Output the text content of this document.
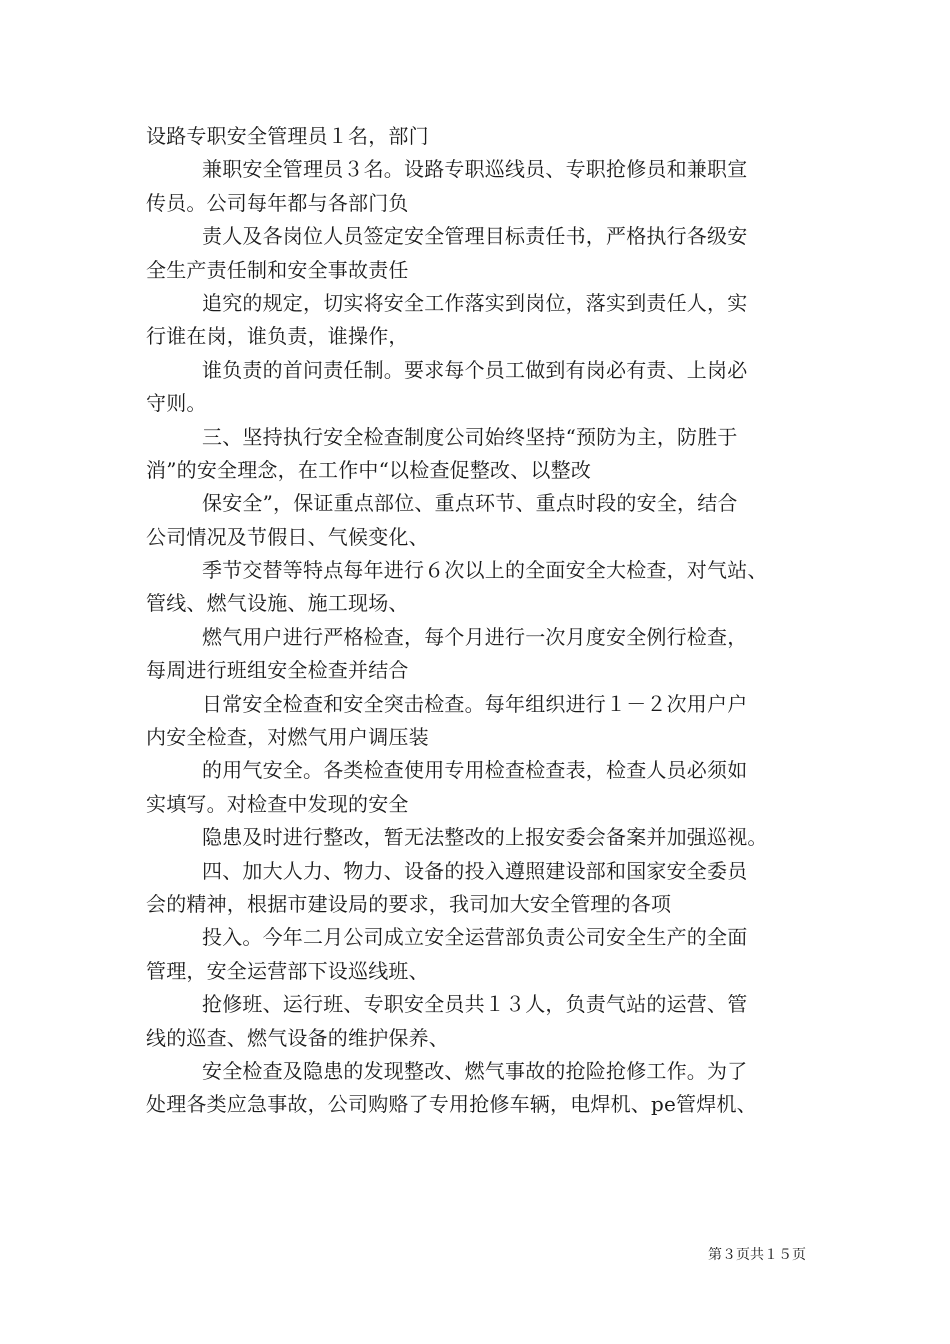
设路专职安全管理员１名，部门
兼职安全管理员３名。设路专职巡线员、专职抢修员和兼职宣
传员。公司每年都与各部门负
责人及各岗位人员签定安全管理目标责任书，严格执行各级安
全生产责任制和安全事故责任
追究的规定，切实将安全工作落实到岗位，落实到责任人，实
行谁在岗，谁负责，谁操作，
谁负责的首问责任制。要求每个员工做到有岗必有责、上岗必
守则。
三、坚持执行安全检查制度公司始终坚持“预防为主，防胜于
消”的安全理念，在工作中“以检查促整改、以整改
保安全”，保证重点部位、重点环节、重点时段的安全，结合
公司情况及节假日、气候变化、
季节交替等特点每年进行６次以上的全面安全大检查，对气站、
管线、燃气设施、施工现场、
燃气用户进行严格检查，每个月进行一次月度安全例行检查，
每周进行班组安全检查并结合
日常安全检查和安全突击检查。每年组织进行１－２次用户户
内安全检查，对燃气用户调压装
的用气安全。各类检查使用专用检查检查表，检查人员必须如
实填写。对检查中发现的安全
隐患及时进行整改，暂无法整改的上报安委会备案并加强巡视。
四、加大人力、物力、设备的投入遵照建设部和国家安全委员
会的精神，根据市建设局的要求，我司加大安全管理的各项
投入。今年二月公司成立安全运营部负责公司安全生产的全面
管理，安全运营部下设巡线班、
抢修班、运行班、专职安全员共１３人，负责气站的运营、管
线的巡查、燃气设备的维护保养、
安全检查及隐患的发现整改、燃气事故的抢险抢修工作。为了
处理各类应急事故，公司购赂了专用抢修车辆，电焊机、pe管焊机、
第３页共１５页
